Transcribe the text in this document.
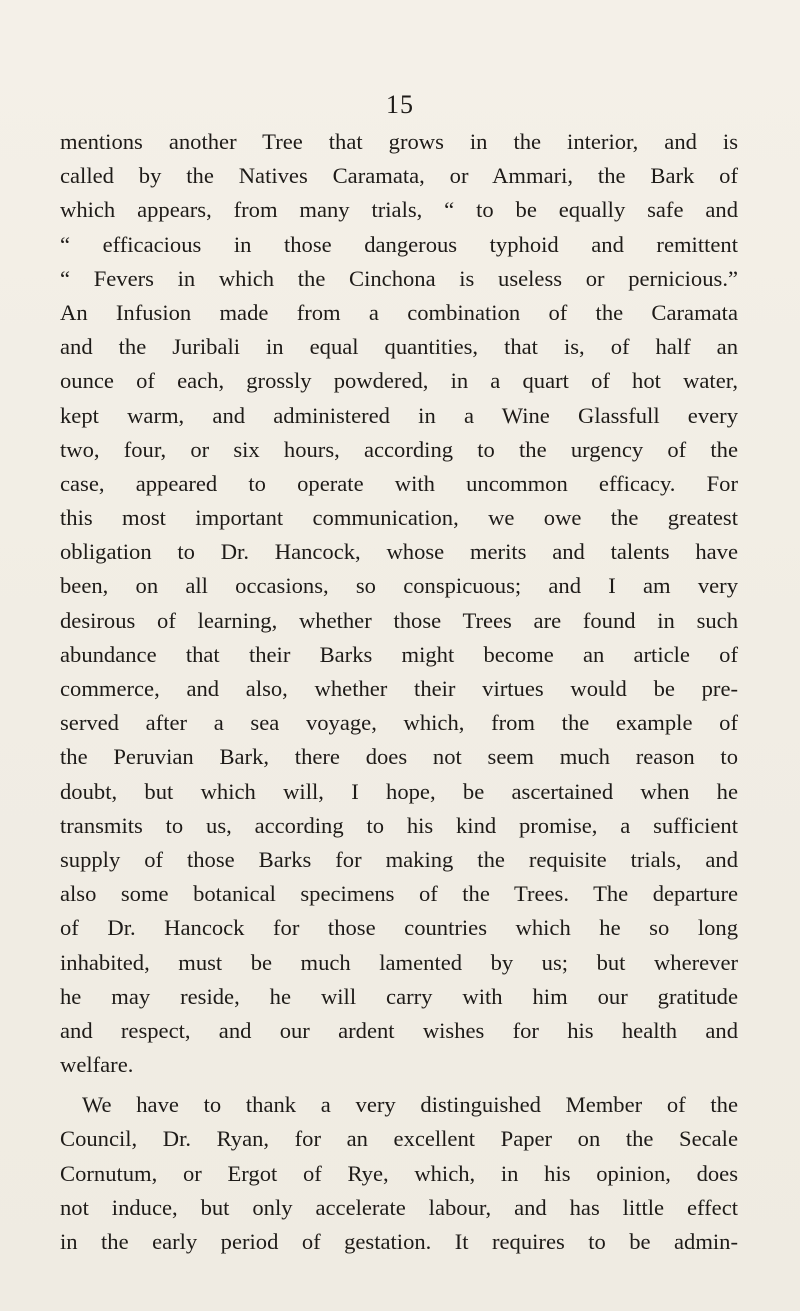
15
mentions another Tree that grows in the interior, and is
called by the Natives Caramata, or Ammari, the Bark of
which appears, from many trials, “ to be equally safe and
“ efficacious in those dangerous typhoid and remittent
“ Fevers in which the Cinchona is useless or pernicious.”
An Infusion made from a combination of the Caramata
and the Juribali in equal quantities, that is, of half an
ounce of each, grossly powdered, in a quart of hot water,
kept warm, and administered in a Wine Glassfull every
two, four, or six hours, according to the urgency of the
case, appeared to operate with uncommon efficacy. For
this most important communication, we owe the greatest
obligation to Dr. Hancock, whose merits and talents have
been, on all occasions, so conspicuous; and I am very
desirous of learning, whether those Trees are found in such
abundance that their Barks might become an article of
commerce, and also, whether their virtues would be pre-
served after a sea voyage, which, from the example of
the Peruvian Bark, there does not seem much reason to
doubt, but which will, I hope, be ascertained when he
transmits to us, according to his kind promise, a sufficient
supply of those Barks for making the requisite trials, and
also some botanical specimens of the Trees. The departure
of Dr. Hancock for those countries which he so long
inhabited, must be much lamented by us; but wherever
he may reside, he will carry with him our gratitude
and respect, and our ardent wishes for his health and
welfare.
We have to thank a very distinguished Member of the
Council, Dr. Ryan, for an excellent Paper on the Secale
Cornutum, or Ergot of Rye, which, in his opinion, does
not induce, but only accelerate labour, and has little effect
in the early period of gestation. It requires to be admin-
